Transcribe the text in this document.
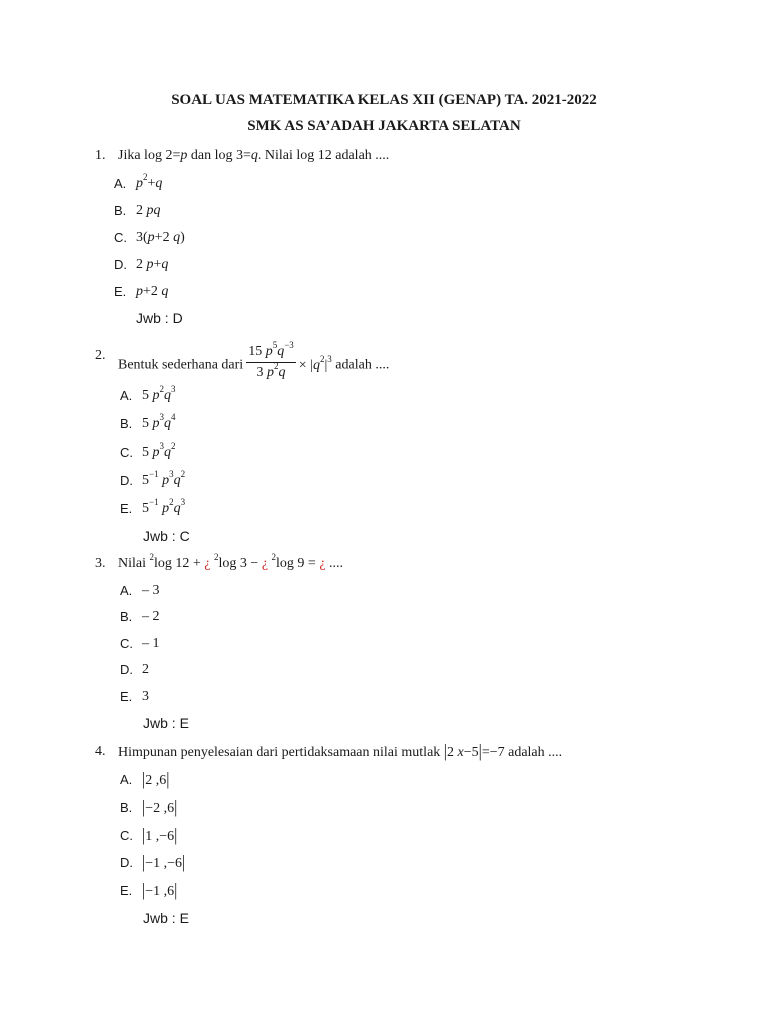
SOAL UAS MATEMATIKA KELAS XII (GENAP) TA. 2021-2022
SMK AS SA’ADAH JAKARTA SELATAN
1. Jika log 2=p dan log 3=q. Nilai log 12 adalah ....
A. $p^2+q$
B. 2 pq
C. 3(p+2 q)
D. 2 p+q
E. p+2 q
Jwb : D
2.
Bentuk sederhana dari $\frac{15 p^5q^{-3}}{3 p^2q} \times |q^2|^3$ adalah ....
A. 5 $p^2q^3$
B. 5 $p^3q^4$
C. 5 $p^3q^2$
D. $5^{-1}$ $p^3q^2$
E. $5^{-1}$ $p^2q^3$
Jwb : C
3. Nilai $^2$log 12 + ¿ $^2$log 3 − ¿ $^2$log 9 = ¿ ....
A. – 3
B. – 2
C. – 1
D. 2
E. 3
Jwb : E
4. Himpunan penyelesaian dari pertidaksamaan nilai mutlak |2 x−5|=−7 adalah ....
A. |2 ,6|
B. |−2 ,6|
C. |1 ,−6|
D. |−1 ,−6|
E. |−1 ,6|
Jwb : E
